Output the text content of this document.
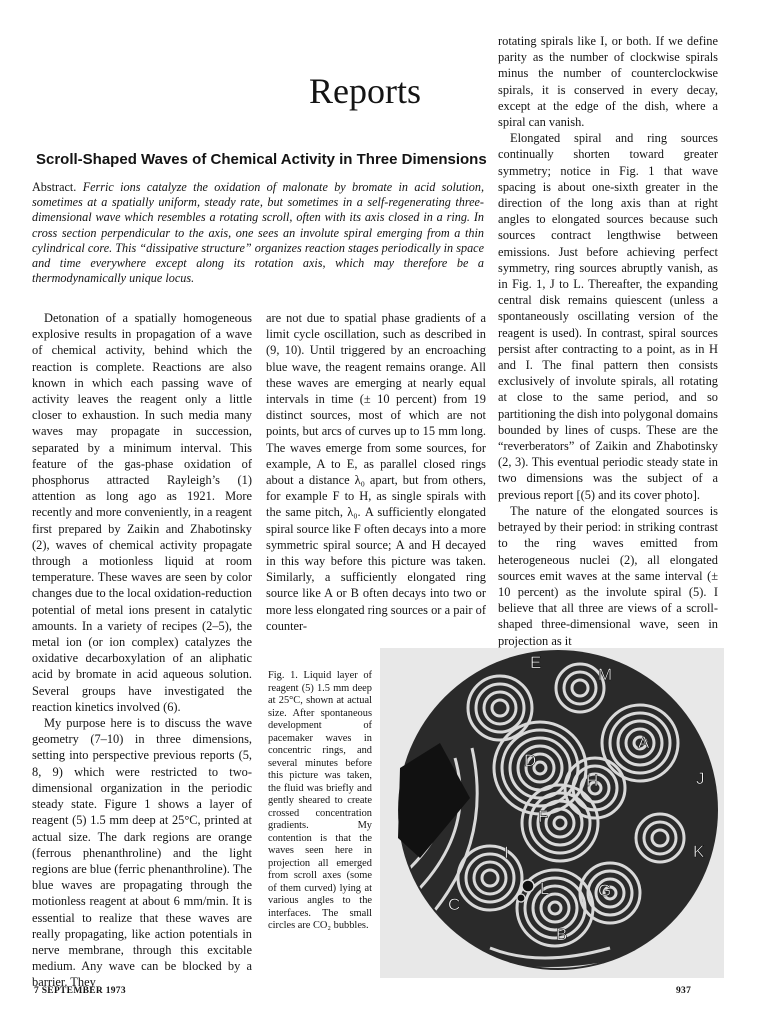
Reports
Scroll-Shaped Waves of Chemical Activity in Three Dimensions
Abstract. Ferric ions catalyze the oxidation of malonate by bromate in acid solution, sometimes at a spatially uniform, steady rate, but sometimes in a self-regenerating three-dimensional wave which resembles a rotating scroll, often with its axis closed in a ring. In cross section perpendicular to the axis, one sees an involute spiral emerging from a thin cylindrical core. This “dissipative structure” organizes reaction stages periodically in space and time everywhere except along its rotation axis, which may therefore be a thermodynamically unique locus.

Detonation of a spatially homogeneous explosive results in propagation of a wave of chemical activity, behind which the reaction is complete. Reactions are also known in which each passing wave of activity leaves the reagent only a little closer to exhaustion. In such media many waves may propagate in succession, separated by a minimum interval. This feature of the gas-phase oxidation of phosphorus attracted Rayleigh’s (1) attention as long ago as 1921. More recently and more conveniently, in a reagent first prepared by Zaikin and Zhabotinsky (2), waves of chemical activity propagate through a motionless liquid at room temperature. These waves are seen by color changes due to the local oxidation-reduction potential of metal ions present in catalytic amounts. In a variety of recipes (2–5), the metal ion (or ion complex) catalyzes the oxidative decarboxylation of an aliphatic acid by bromate in acid aqueous solution. Several groups have investigated the reaction kinetics involved (6).

My purpose here is to discuss the wave geometry (7–10) in three dimensions, setting into perspective previous reports (5, 8, 9) which were restricted to two-dimensional organization in the periodic steady state. Figure 1 shows a layer of reagent (5) 1.5 mm deep at 25°C, printed at actual size. The dark regions are orange (ferrous phenanthroline) and the light regions are blue (ferric phenanthroline). The blue waves are propagating through the motionless reagent at about 6 mm/min. It is essential to realize that these waves are really propagating, like action potentials in nerve membrane, through this excitable medium. Any wave can be blocked by a barrier. They

are not due to spatial phase gradients of a limit cycle oscillation, such as described in (9, 10). Until triggered by an encroaching blue wave, the reagent remains orange. All these waves are emerging at nearly equal intervals in time (± 10 percent) from 19 distinct sources, most of which are not points, but arcs of curves up to 15 mm long. The waves emerge from some sources, for example, A to E, as parallel closed rings about a distance λ₀ apart, but from others, for example F to H, as single spirals with the same pitch, λ₀. A sufficiently elongated spiral source like F often decays into a more symmetric spiral source; A and H decayed in this way before this picture was taken. Similarly, a sufficiently elongated ring source like A or B often decays into two or more less elongated ring sources or a pair of counter-

rotating spirals like I, or both. If we define parity as the number of clockwise spirals minus the number of counterclockwise spirals, it is conserved in every decay, except at the edge of the dish, where a spiral can vanish.

Elongated spiral and ring sources continually shorten toward greater symmetry; notice in Fig. 1 that wave spacing is about one-sixth greater in the direction of the long axis than at right angles to elongated sources because such sources contract lengthwise between emissions. Just before achieving perfect symmetry, ring sources abruptly vanish, as in Fig. 1, J to L. Thereafter, the expanding central disk remains quiescent (unless a spontaneously oscillating version of the reagent is used). In contrast, spiral sources persist after contracting to a point, as in H and I. The final pattern then consists exclusively of involute spirals, all rotating at close to the same period, and so partitioning the dish into polygonal domains bounded by lines of cusps. These are the “reverberators” of Zaikin and Zhabotinsky (2, 3). This eventual periodic steady state in two dimensions was the subject of a previous report [(5) and its cover photo].

The nature of the elongated sources is betrayed by their period: in striking contrast to the ring waves emitted from heterogeneous nuclei (2), all elongated sources emit waves at the same interval (± 10 percent) as the involute spiral (5). I believe that all three are views of a scroll-shaped three-dimensional wave, seen in projection as it

Fig. 1. Liquid layer of reagent (5) 1.5 mm deep at 25°C, shown at actual size. After spontaneous development of pacemaker waves in concentric rings, and several minutes before this picture was taken, the fluid was briefly and gently sheared to create crossed concentration gradients. My contention is that the waves seen here in projection all emerged from scroll axes (some of them curved) lying at various angles to the interfaces. The small circles are CO₂ bubbles.
E
M
A
J
D
H
F
I	K
L	G
C
B
7 SEPTEMBER 1973	937
